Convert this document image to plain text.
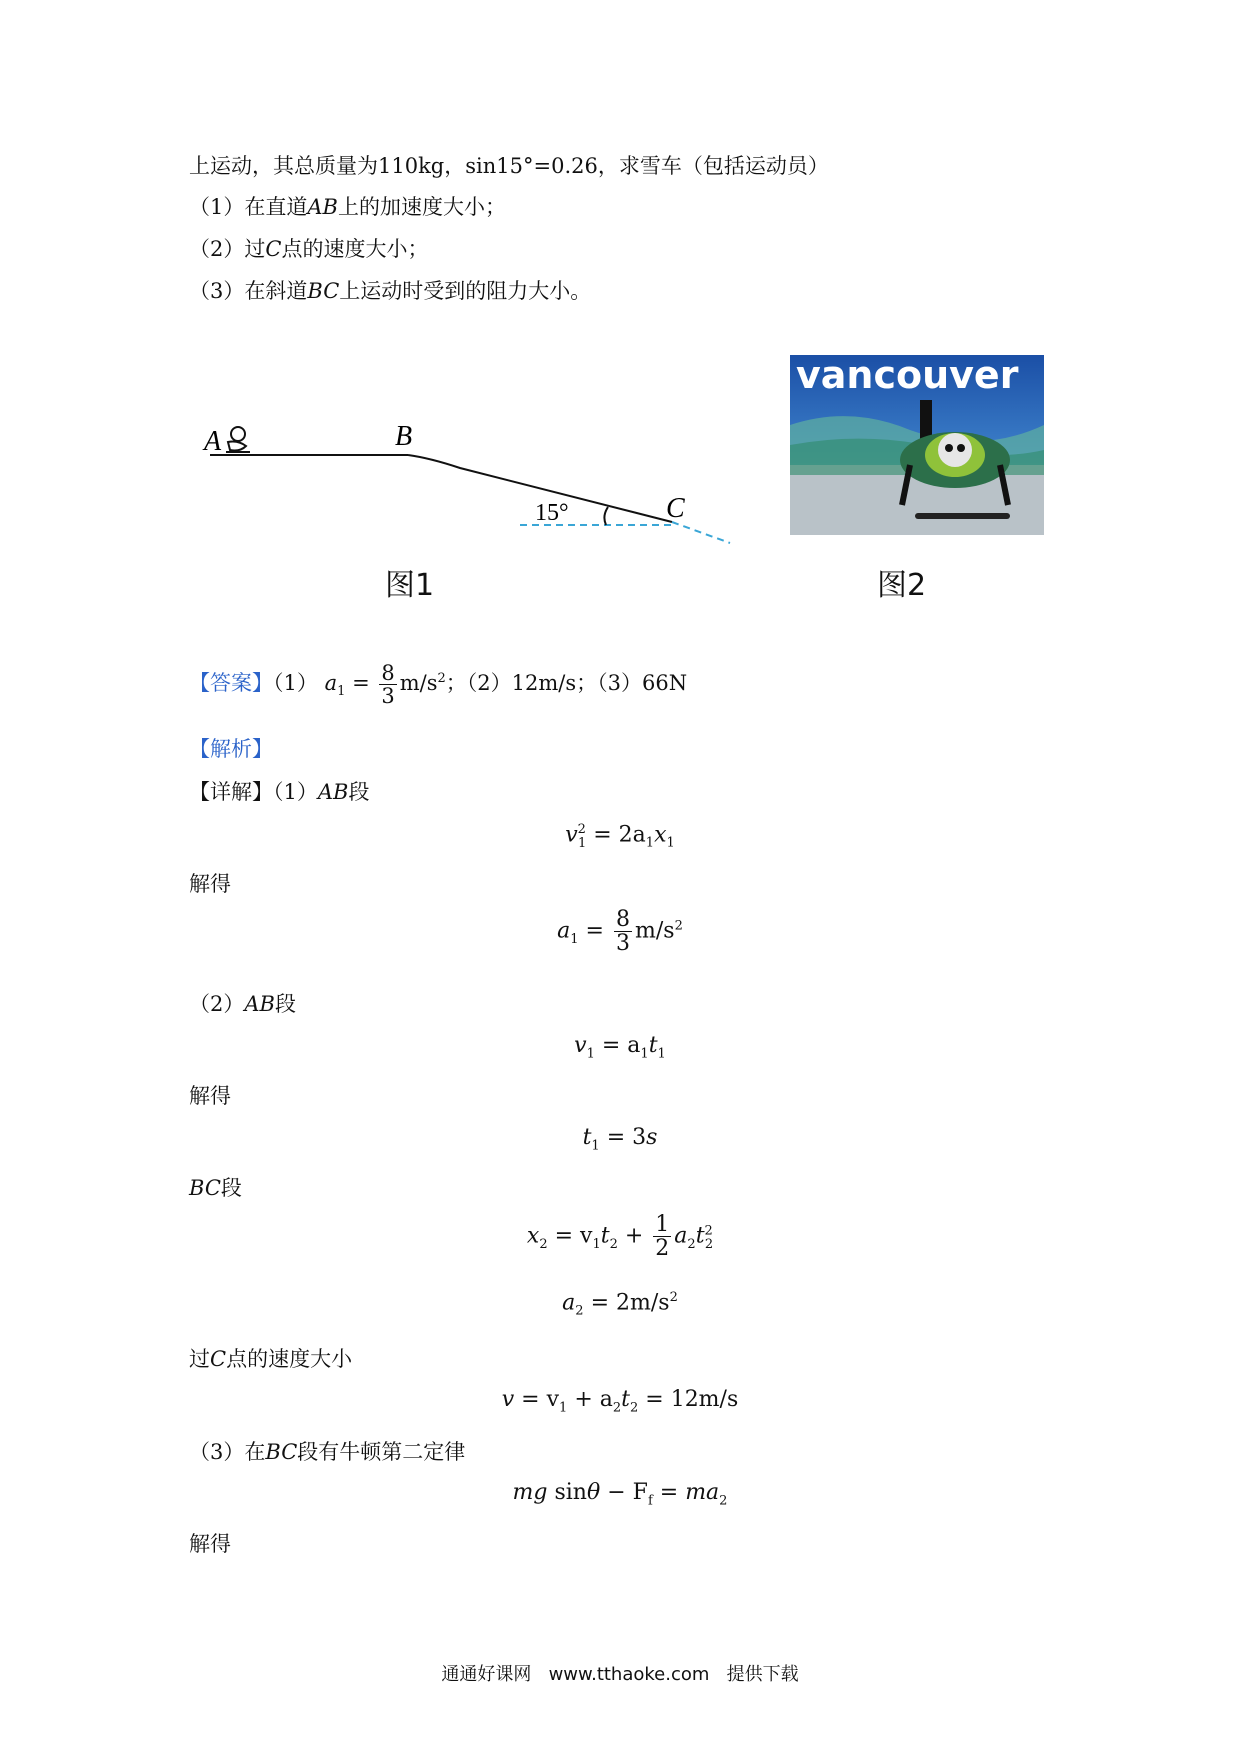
上运动，其总质量为110kg，sin15°=0.26，求雪车（包括运动员）
（1）在直道AB上的加速度大小；
（2）过C点的速度大小；
（3）在斜道BC上运动时受到的阻力大小。
A	B
C
15°
图1
vancouver
图2
【答案】（1） $a_1 = \frac{8}{3} m/s^2$；（2）12m/s；（3）66N
【解析】
【详解】（1）AB段
$v^2_1 = 2a_1x_1$
解得
$a_1 = \frac{8}{3} m/s^2$
（2）AB段
$v_1 = a_1t_1$
解得
$t_1 = 3s$
BC段
$x_2 = v_1t_2 + \frac{1}{2} a_2t^2_2$
$a_2 = 2m/s^2$
过C点的速度大小
$v = v_1 + a_2t_2 = 12m/s$
（3）在BC段有牛顿第二定律
mg $\sin\theta - F_f = ma_2$
解得
通通好课网 www.tthaoke.com 提供下载
